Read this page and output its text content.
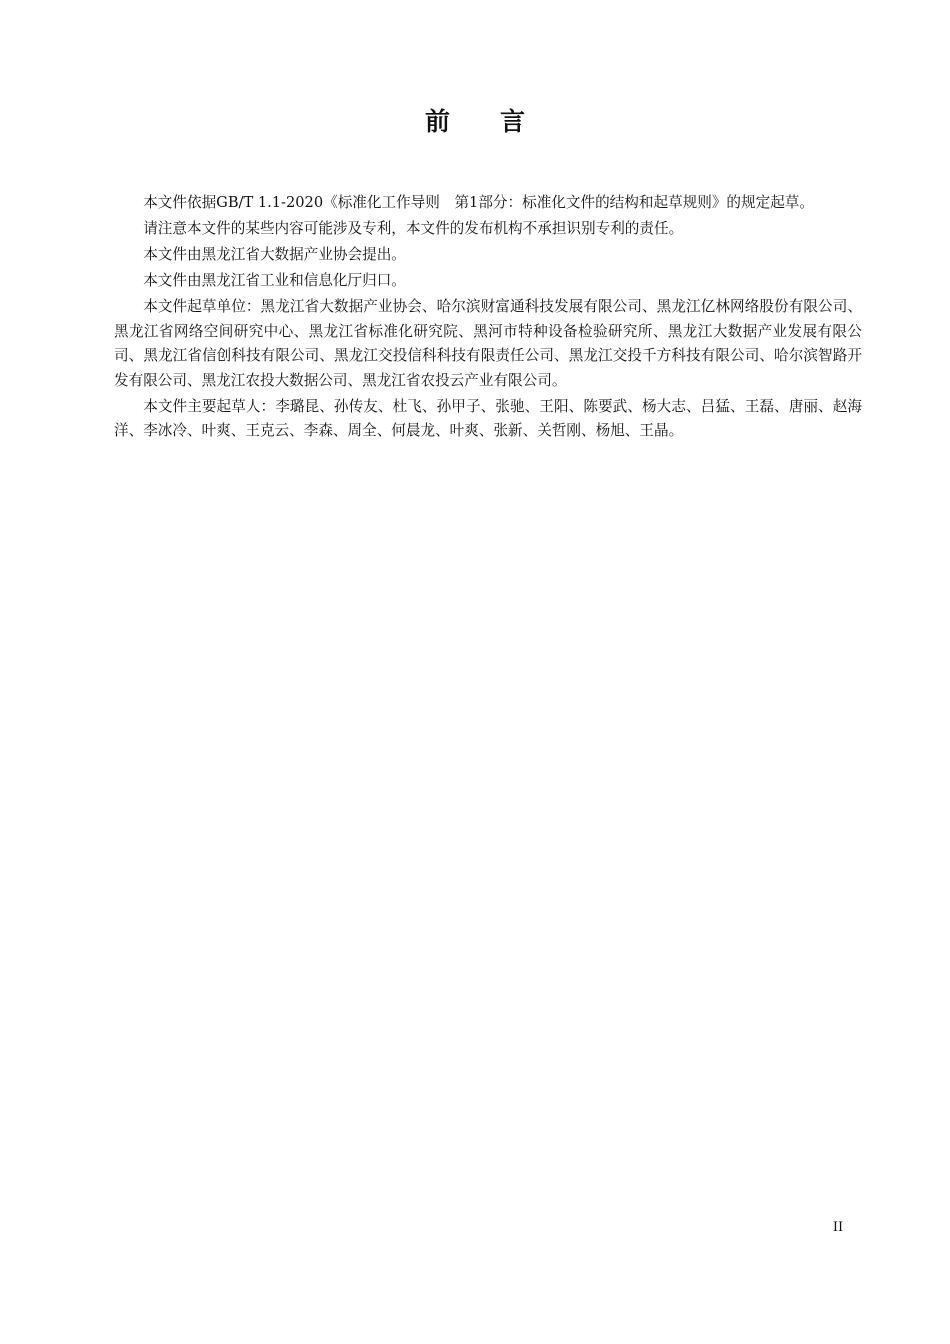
前言

本文件依据GB/T 1.1-2020《标准化工作导则　第1部分：标准化文件的结构和起草规则》的规定起草。

请注意本文件的某些内容可能涉及专利，本文件的发布机构不承担识别专利的责任。

本文件由黑龙江省大数据产业协会提出。

本文件由黑龙江省工业和信息化厅归口。

本文件起草单位：黑龙江省大数据产业协会、哈尔滨财富通科技发展有限公司、黑龙江亿林网络股份有限公司、黑龙江省网络空间研究中心、黑龙江省标准化研究院、黑河市特种设备检验研究所、黑龙江大数据产业发展有限公司、黑龙江省信创科技有限公司、黑龙江交投信科科技有限责任公司、黑龙江交投千方科技有限公司、哈尔滨智路开发有限公司、黑龙江农投大数据公司、黑龙江省农投云产业有限公司。

本文件主要起草人：李璐昆、孙传友、杜飞、孙甲子、张驰、王阳、陈要武、杨大志、吕猛、王磊、唐丽、赵海洋、李冰冷、叶爽、王克云、李森、周全、何晨龙、叶爽、张新、关哲刚、杨旭、王晶。

II
